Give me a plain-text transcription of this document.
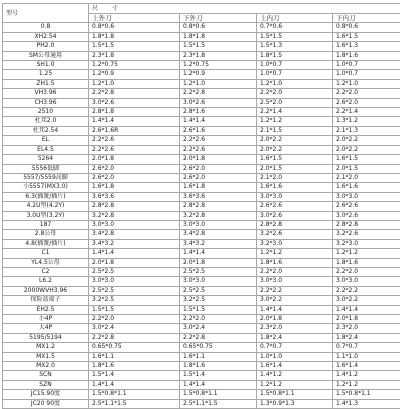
型号	尺 寸			
	上外刀	下外刀	上内刀	下内刀
0.8	0.8*0.6	0.8*0.6	0.7*0.6	0.8*0.6
XH2.54	1.8*1.8	1.8*1.8	1.5*1.5	1.6*1.5
PH2.0	1.5*1.5	1.5*1.5	1.5*1.3	1.6*1.3
SM公母通用	2.3*1.8	2.3*1.8	1.8*1.5	1.8*1.6
SH1.0	1.2*0.75	1.2*0.75	1.0*0.7	1.0*0.7
1.25	1.2*0.9	1.2*0.9	1.0*0.7	1.0*0.7
ZH1.5	1.2*1.0	1.2*1.0	1.2*1.0	1.2*1.0
VH3.96	2.2*2.8	2.2*2.8	2.2*2.0	2.2*2.0
CH3.96	3.0*2.6	3.0*2.6	2.5*2.0	2.6*2.0
2510	2.8*1.8	2.8*1.6	2.2*1.4	2.2*1.4
杜邦2.0	1.4*1.4	1.4*1.4	1.2*1.2	1.3*1.2
杜邦2.54	2.6*1.6R	2.6*1.6	2.1*1.5	2.1*1.3
EL	2.2*2.6	2.2*2.6	2.0*2.2	2.0*2.2
EL4.5	2.2*2.6	2.2*2.6	2.0*2.2	2.0*2.2
5264	2.0*1.8	2.0*1.8	1.6*1.5	1.6*1.5
5556低脚	2.6*2.0	2.6*2.0	2.0*1.5	2.0*1.5
5557/5559高脚	2.6*2.0	2.6*2.0	2.1*2.0	2.1*2.0
小5557(MX3.0)	1.6*1.8	1.6*1.8	1.6*1.6	1.6*1.6
6.3(插簧/插片)	3.6*3.6	3.6*3.6	3.0*3.0	3.0*3.0
4.2U型(4.2Y)	2.8*2.8	2.8*2.8	2.6*2.6	2.6*2.6
3.0U型(3.2Y)	3.2*2.8	3.2*2.8	3.0*2.6	3.0*2.6
187	3.0*3.0	3.0*3.0	2.8*2.8	2.8*2.8
2.8公母	3.4*2.8	3.4*2.8	3.2*2.6	3.2*2.6
4.8(插簧/插片)	3.4*3.2	3.4*3.2	3.2*3.0	3.2*3.0
C1	1.4*1.4	1.4*1.4	1.2*1.2	1.2*1.2
YL4.5公母	2.0*1.8	2.0*1.8	1.8*1.6	1.8*1.6
C2	2.5*2.5	2.5*2.5	2.2*2.0	2.2*2.0
L6.2	3.0*3.0	3.0*3.0	3.0*3.0	3.0*3.0
2000WVH3.96	2.5*2.5	2.5*2.5	2.2*2.2	2.2*2.2
保险盒端子	3.2*2.5	3.2*2.5	3.0*2.2	3.0*2.2
EH2.5	1.5*1.5	1.5*1.5	1.4*1.4	1.4*1.4
小4P	2.2*2.0	2.2*2.0	2.0*1.8	2.0*1.8
大4P	3.0*2.4	3.0*2.4	2.3*2.0	2.3*2.0
5195/5194	2.2*2.8	2.2*2.8	1.8*2.4	1.8*2.4
MX1.2	0.65*0.75	0.65*0.75	0.7*0.7	0.7*0.7
MX1.5	1.6*1.1	1.6*1.1	1.0*1.0	1.1*1.0
MX2.0	1.8*1.6	1.8*1.6	1.6*1.4	1.6*1.4
SCN	1.5*1.4	1.5*1.4	1.4*1.2	1.4*1.2
SZN	1.4*1.4	1.4*1.4	1.2*1.2	1.2*1.2
JC15.90度	1.5*0.8*1.1	1.5*0.8*1.1	1.5*0.8*1.1	1.5*0.8*1.1
JC20 90度	2.5*1.1*1.5	2.5*1.1*1.5	1.3*0.9*1.3	1.4*1.3
